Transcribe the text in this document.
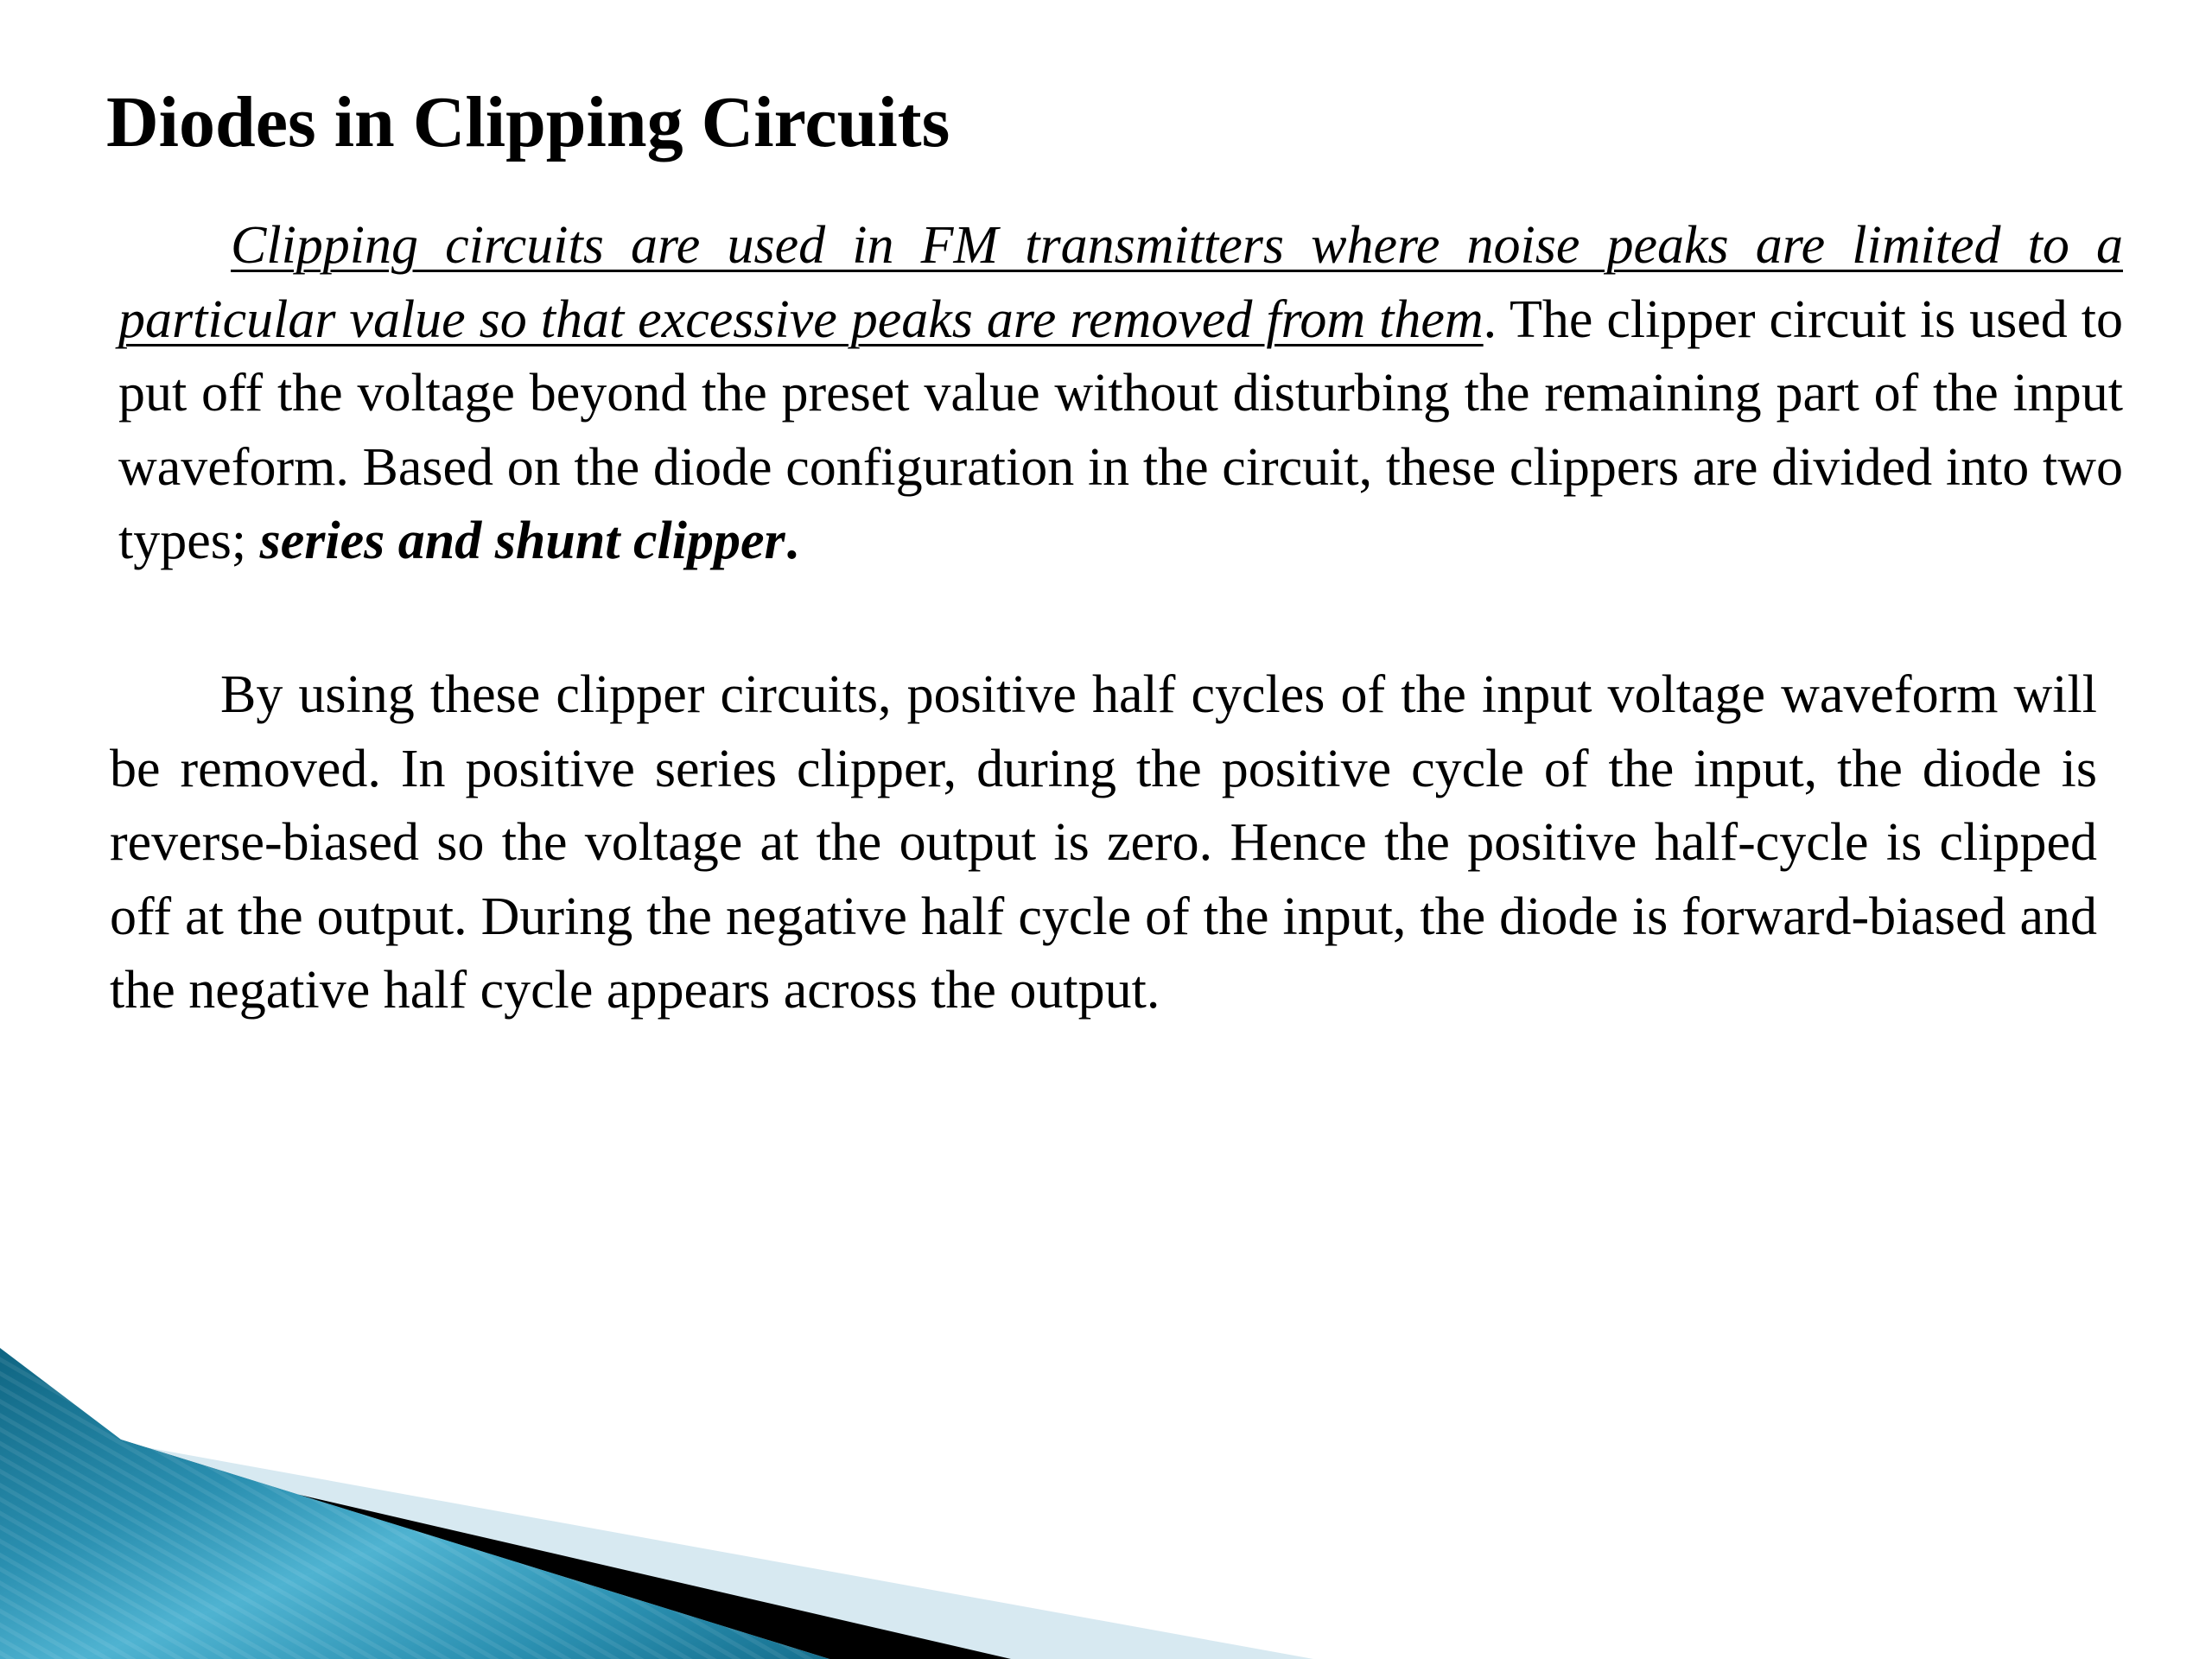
Diodes in Clipping Circuits

Clipping circuits are used in FM transmitters where noise peaks are limited to a particular value so that excessive peaks are removed from them. The clipper circuit is used to put off the voltage beyond the preset value without disturbing the remaining part of the input waveform. Based on the diode configuration in the circuit, these clippers are divided into two types; series and shunt clipper.

By using these clipper circuits, positive half cycles of the input voltage waveform will be removed. In positive series clipper, during the positive cycle of the input, the diode is reverse-biased so the voltage at the output is zero. Hence the positive half-cycle is clipped off at the output. During the negative half cycle of the input, the diode is forward-biased and the negative half cycle appears across the output.
